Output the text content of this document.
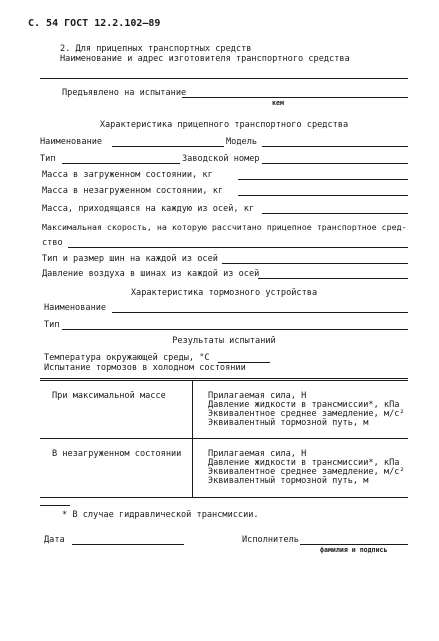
С. 54 ГОСТ 12.2.102—89
2. Для прицепных транспортных средств
Наименование и адрес изготовителя транспортного средства
Предъявлено на испытание
кем
Характеристика прицепного транспортного средства
Наименование	Модель
Тип	Заводской номер
Масса в загруженном состоянии, кг
Масса в незагруженном состоянии, кг
Масса, приходящаяся на каждую из осей, кг
Максимальная скорость, на которую рассчитано прицепное транспортное сред-
ство
Тип и размер шин на каждой из осей
Давление воздуха в шинах из каждой из осей
Характеристика тормозного устройства
Наименование
Тип
Результаты испытаний
Температура окружающей среды, °С
Испытание тормозов в холодном состоянии
При максимальной массе	Прилагаемая сила, Н
Давление жидкости в трансмиссии*, кПа
Эквивалентное среднее замедление, м/с²
Эквивалентный тормозной путь, м
В незагруженном состоянии	Прилагаемая сила, Н
Давление жидкости в трансмиссии*, кПа
Эквивалентное среднее замедление, м/с²
Эквивалентный тормозной путь, м
* В случае гидравлической трансмиссии.
Дата	Исполнитель
фамилия и подпись
